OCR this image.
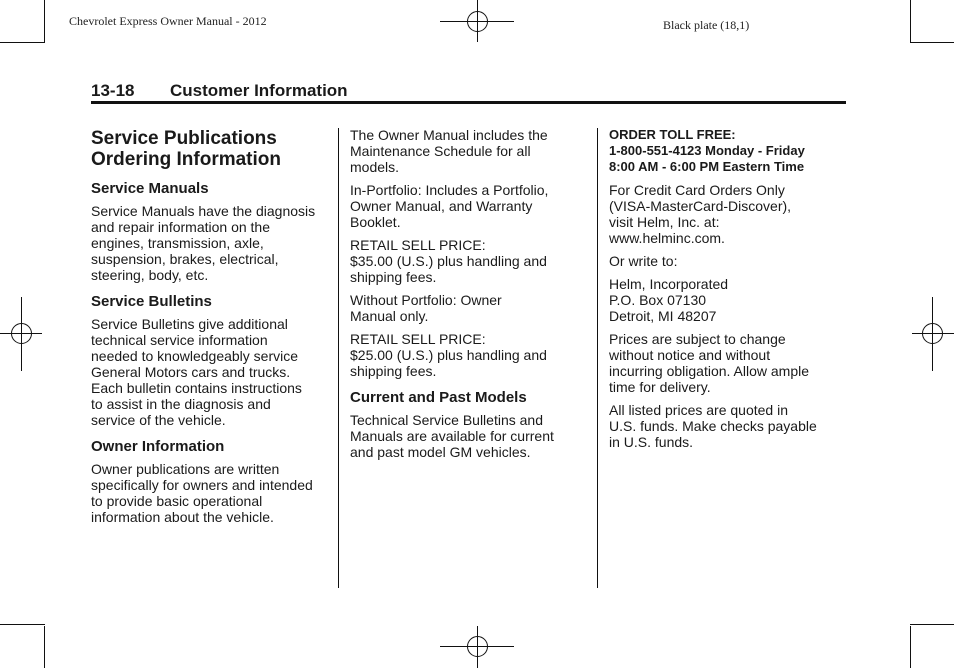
Chevrolet Express Owner Manual - 2012	Black plate (18,1)
13-18 Customer Information
Service Publications
Ordering Information
Service Manuals

Service Manuals have the diagnosis
and repair information on the
engines, transmission, axle,
suspension, brakes, electrical,
steering, body, etc.

Service Bulletins

Service Bulletins give additional
technical service information
needed to knowledgeably service
General Motors cars and trucks.
Each bulletin contains instructions
to assist in the diagnosis and
service of the vehicle.

Owner Information

Owner publications are written
specifically for owners and intended
to provide basic operational
information about the vehicle.

The Owner Manual includes the
Maintenance Schedule for all
models.

In-Portfolio: Includes a Portfolio,
Owner Manual, and Warranty
Booklet.

RETAIL SELL PRICE:
$35.00 (U.S.) plus handling and
shipping fees.

Without Portfolio: Owner
Manual only.

RETAIL SELL PRICE:
$25.00 (U.S.) plus handling and
shipping fees.

Current and Past Models

Technical Service Bulletins and
Manuals are available for current
and past model GM vehicles.

ORDER TOLL FREE:
1-800-551-4123 Monday - Friday
8:00 AM - 6:00 PM Eastern Time

For Credit Card Orders Only
(VISA-MasterCard-Discover),
visit Helm, Inc. at:
www.helminc.com.

Or write to:

Helm, Incorporated
P.O. Box 07130
Detroit, MI 48207

Prices are subject to change
without notice and without
incurring obligation. Allow ample
time for delivery.

All listed prices are quoted in
U.S. funds. Make checks payable
in U.S. funds.
